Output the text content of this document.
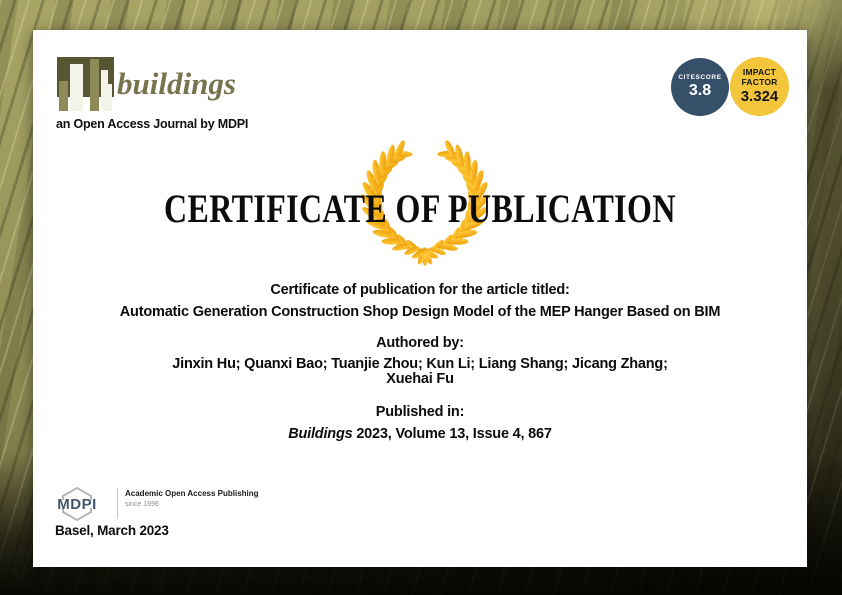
buildings
an Open Access Journal by MDPI
CITESCORE
3.8
IMPACT
FACTOR
3.324
CERTIFICATE OF PUBLICATION
Certificate of publication for the article titled:
Automatic Generation Construction Shop Design Model of the MEP Hanger Based on BIM
Authored by:
Jinxin Hu; Quanxi Bao; Tuanjie Zhou; Kun Li; Liang Shang; Jicang Zhang;
Xuehai Fu
Published in:
Buildings 2023, Volume 13, Issue 4, 867
MDPI
Academic Open Access Publishing
since 1996
Basel, March 2023
